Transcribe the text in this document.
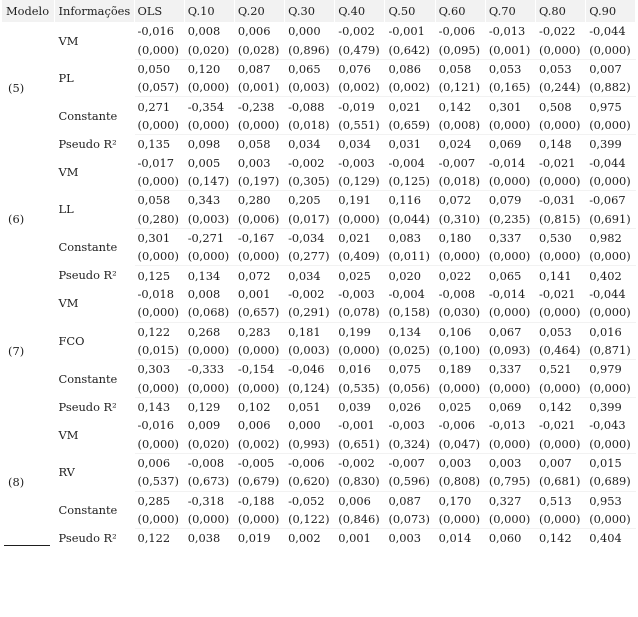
Modelo	Informações	OLS	Q.10	Q.20	Q.30	Q.40	Q.50	Q.60	Q.70	Q.80	Q.90
(5)	VM	-0,016	0,008	0,006	0,000	-0,002	-0,001	-0,006	-0,013	-0,022	-0,044
		(0,000)	(0,020)	(0,028)	(0,896)	(0,479)	(0,642)	(0,095)	(0,001)	(0,000)	(0,000)
	PL	0,050	0,120	0,087	0,065	0,076	0,086	0,058	0,053	0,053	0,007
		(0,057)	(0,000)	(0,001)	(0,003)	(0,002)	(0,002)	(0,121)	(0,165)	(0,244)	(0,882)
	Constante	0,271	-0,354	-0,238	-0,088	-0,019	0,021	0,142	0,301	0,508	0,975
		(0,000)	(0,000)	(0,000)	(0,018)	(0,551)	(0,659)	(0,008)	(0,000)	(0,000)	(0,000)
	Pseudo R²	0,135	0,098	0,058	0,034	0,034	0,031	0,024	0,069	0,148	0,399
(6)	VM	-0,017	0,005	0,003	-0,002	-0,003	-0,004	-0,007	-0,014	-0,021	-0,044
		(0,000)	(0,147)	(0,197)	(0,305)	(0,129)	(0,125)	(0,018)	(0,000)	(0,000)	(0,000)
	LL	0,058	0,343	0,280	0,205	0,191	0,116	0,072	0,079	-0,031	-0,067
		(0,280)	(0,003)	(0,006)	(0,017)	(0,000)	(0,044)	(0,310)	(0,235)	(0,815)	(0,691)
	Constante	0,301	-0,271	-0,167	-0,034	0,021	0,083	0,180	0,337	0,530	0,982
		(0,000)	(0,000)	(0,000)	(0,277)	(0,409)	(0,011)	(0,000)	(0,000)	(0,000)	(0,000)
	Pseudo R²	0,125	0,134	0,072	0,034	0,025	0,020	0,022	0,065	0,141	0,402
(7)	VM	-0,018	0,008	0,001	-0,002	-0,003	-0,004	-0,008	-0,014	-0,021	-0,044
		(0,000)	(0,068)	(0,657)	(0,291)	(0,078)	(0,158)	(0,030)	(0,000)	(0,000)	(0,000)
	FCO	0,122	0,268	0,283	0,181	0,199	0,134	0,106	0,067	0,053	0,016
		(0,015)	(0,000)	(0,000)	(0,003)	(0,000)	(0,025)	(0,100)	(0,093)	(0,464)	(0,871)
	Constante	0,303	-0,333	-0,154	-0,046	0,016	0,075	0,189	0,337	0,521	0,979
		(0,000)	(0,000)	(0,000)	(0,124)	(0,535)	(0,056)	(0,000)	(0,000)	(0,000)	(0,000)
	Pseudo R²	0,143	0,129	0,102	0,051	0,039	0,026	0,025	0,069	0,142	0,399

(8)	VM	-0,016	0,009	0,006	0,000	-0,001	-0,003	-0,006	-0,013	-0,021	-0,043
		(0,000)	(0,020)	(0,002)	(0,993)	(0,651)	(0,324)	(0,047)	(0,000)	(0,000)	(0,000)
	RV	0,006	-0,008	-0,005	-0,006	-0,002	-0,007	0,003	0,003	0,007	0,015
		(0,537)	(0,673)	(0,679)	(0,620)	(0,830)	(0,596)	(0,808)	(0,795)	(0,681)	(0,689)
	Constante	0,285	-0,318	-0,188	-0,052	0,006	0,087	0,170	0,327	0,513	0,953
		(0,000)	(0,000)	(0,000)	(0,122)	(0,846)	(0,073)	(0,000)	(0,000)	(0,000)	(0,000)
	Pseudo R²	0,122	0,038	0,019	0,002	0,001	0,003	0,014	0,060	0,142	0,404
